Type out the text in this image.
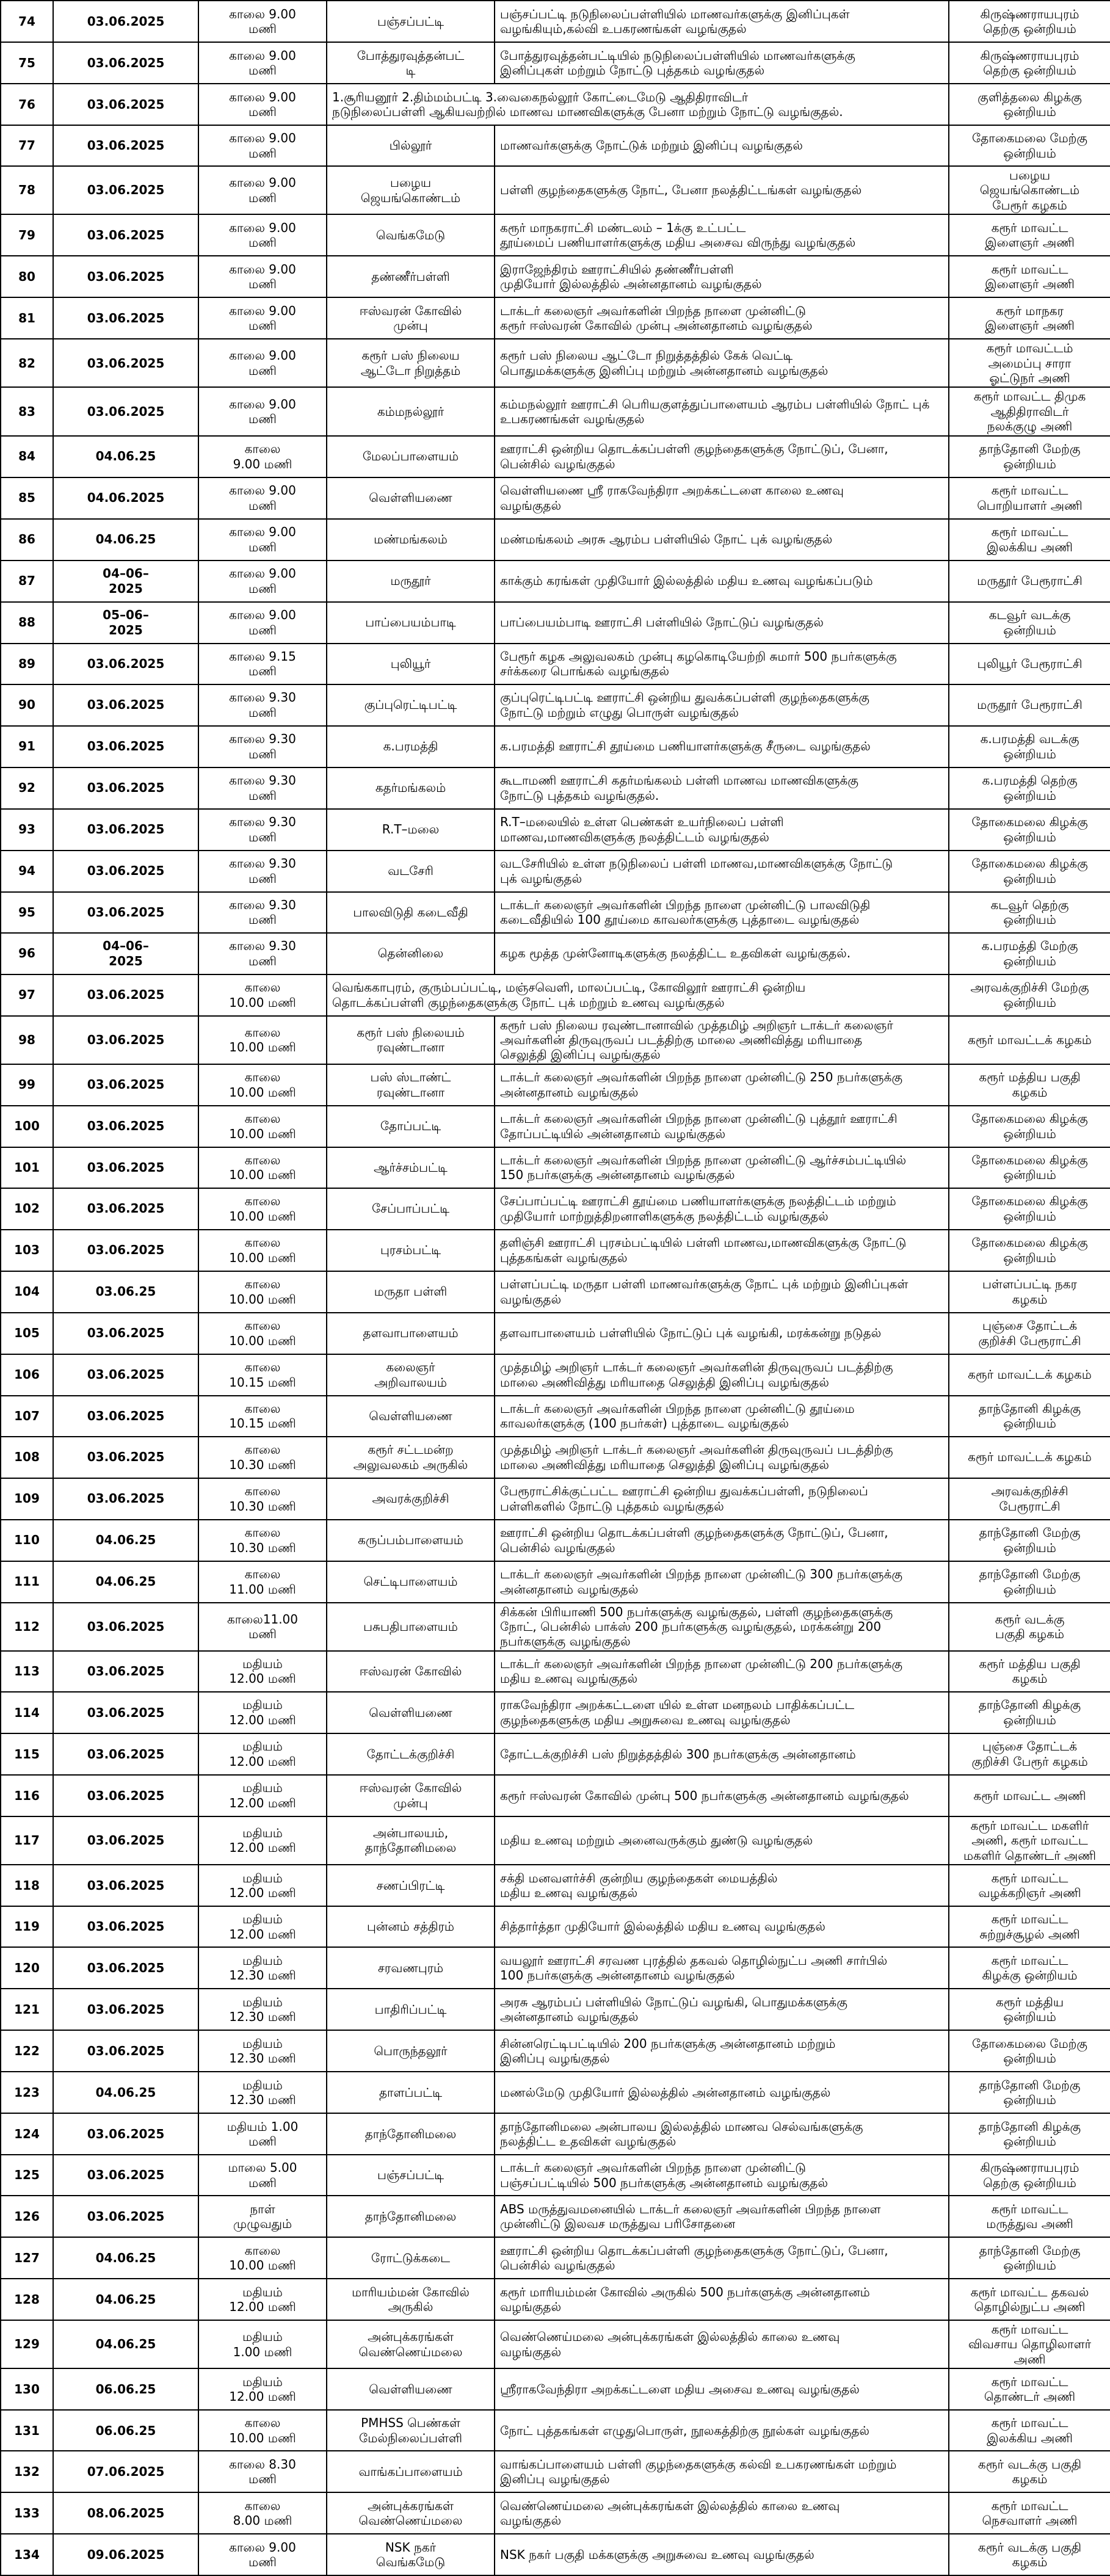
74	03.06.2025	காலை 9.00
மணி	பஞ்சப்பட்டி	பஞ்சப்பட்டி நடுநிலைப்பள்ளியில் மாணவர்களுக்கு இனிப்புகள்
வழங்கியும்,கல்வி உபகரணங்கள் வழங்குதல்	கிருஷ்ணராயபுரம்
தெற்கு ஒன்றியம்
75	03.06.2025	காலை 9.00
மணி	போத்துரவுத்தன்பட்
டி	போத்துரவுத்தன்பட்டியில் நடுநிலைப்பள்ளியில் மாணவர்களுக்கு
இனிப்புகள் மற்றும் நோட்டு புத்தகம் வழங்குதல்	கிருஷ்ணராயபுரம்
தெற்கு ஒன்றியம்
76	03.06.2025	காலை 9.00
மணி	1.சூரியனூர் 2.திம்மம்பட்டி 3.வைகைநல்லூர் கோட்டைமேடு ஆதிதிராவிடர்
நடுநிலைப்பள்ளி ஆகியவற்றில் மாணவ மாணவிகளுக்கு பேனா மற்றும் நோட்டு வழங்குதல்.		குளித்தலை கிழக்கு
ஒன்றியம்
77	03.06.2025	காலை 9.00
மணி	பில்லூர்	மாணவர்களுக்கு நோட்டுக் மற்றும் இனிப்பு வழங்குதல்	தோகைமலை மேற்கு
ஒன்றியம்
78	03.06.2025	காலை 9.00
மணி	பழைய
ஜெயங்கொண்டம்	பள்ளி குழந்தைகளுக்கு நோட், பேனா நலத்திட்டங்கள் வழங்குதல்	பழைய
ஜெயங்கொண்டம்
பேரூர் கழகம்
79	03.06.2025	காலை 9.00
மணி	வெங்கமேடு	கரூர் மாநகராட்சி மண்டலம் – 1க்கு உட்பட்ட
தூய்மைப் பணியாளர்களுக்கு மதிய அசைவ விருந்து வழங்குதல்	கரூர் மாவட்ட
இளைஞர் அணி
80	03.06.2025	காலை 9.00
மணி	தண்ணீர்பள்ளி	இராஜேந்திரம் ஊராட்சியில் தண்ணீர்பள்ளி
முதியோர் இல்லத்தில் அன்னதானம் வழங்குதல்	கரூர் மாவட்ட
இளைஞர் அணி
81	03.06.2025	காலை 9.00
மணி	ஈஸ்வரன் கோவில்
முன்பு	டாக்டர் கலைஞர் அவர்களின் பிறந்த நாளை முன்னிட்டு
கரூர் ஈஸ்வரன் கோவில் முன்பு அன்னதானம் வழங்குதல்	கரூர் மாநகர
இளைஞர் அணி
82	03.06.2025	காலை 9.00
மணி	கரூர் பஸ் நிலைய
ஆட்டோ நிறுத்தம்	கரூர் பஸ் நிலைய ஆட்டோ நிறுத்தத்தில் கேக் வெட்டி
பொதுமக்களுக்கு இனிப்பு மற்றும் அன்னதானம் வழங்குதல்	கரூர் மாவட்டம்
அமைப்பு சாரா
ஓட்டுநர் அணி
83	03.06.2025	காலை 9.00
மணி	கம்மநல்லூர்	கம்மநல்லூர் ஊராட்சி பெரியகுளத்துப்பாளையம் ஆரம்ப பள்ளியில் நோட் புக்
உபகரணங்கள் வழங்குதல்	கரூர் மாவட்ட திமுக
ஆதிதிராவிடர்
நலக்குழு அணி
84	04.06.25	காலை
9.00 மணி	மேலப்பாளையம்	ஊராட்சி ஒன்றிய தொடக்கப்பள்ளி குழந்தைகளுக்கு நோட்டுப், பேனா,
பென்சில் வழங்குதல்	தாந்தோனி மேற்கு
ஒன்றியம்
85	04.06.2025	காலை 9.00
மணி	வெள்ளியணை	வெள்ளியணை ஸ்ரீ ராகவேந்திரா அறக்கட்டளை காலை உணவு
வழங்குதல்	கரூர் மாவட்ட
பொறியாளர் அணி
86	04.06.25	காலை 9.00
மணி	மண்மங்கலம்	மண்மங்கலம் அரசு ஆரம்ப பள்ளியில் நோட் புக் வழங்குதல்	கரூர் மாவட்ட
இலக்கிய அணி
87	04–06–
2025	காலை 9.00
மணி	மருதூர்	காக்கும் கரங்கள் முதியோர் இல்லத்தில் மதிய உணவு வழங்கப்படும்	மருதூர் பேரூராட்சி
88	05–06–
2025	காலை 9.00
மணி	பாப்பையம்பாடி	பாப்பையம்பாடி ஊராட்சி பள்ளியில் நோட்டுப் வழங்குதல்	கடவூர் வடக்கு
ஒன்றியம்
89	03.06.2025	காலை 9.15
மணி	புலியூர்	பேரூர் கழக அலுவலகம் முன்பு கழகொடியேற்றி சுமார் 500 நபர்களுக்கு
சர்க்கரை பொங்கல் வழங்குதல்	புலியூர் பேரூராட்சி
90	03.06.2025	காலை 9.30
மணி	குப்புரெட்டிபட்டி	குப்புரெட்டிபட்டி ஊராட்சி ஒன்றிய துவக்கப்பள்ளி குழந்தைகளுக்கு
நோட்டு மற்றும் எழுது பொருள் வழங்குதல்	மருதூர் பேரூராட்சி
91	03.06.2025	காலை 9.30
மணி	க.பரமத்தி	க.பரமத்தி ஊராட்சி தூய்மை பணியாளர்களுக்கு சீருடை வழங்குதல்	க.பரமத்தி வடக்கு
ஒன்றியம்
92	03.06.2025	காலை 9.30
மணி	கதர்மங்கலம்	கூடாமணி ஊராட்சி கதர்மங்கலம் பள்ளி மாணவ மாணவிகளுக்கு
நோட்டு புத்தகம் வழங்குதல்.	க.பரமத்தி தெற்கு
ஒன்றியம்
93	03.06.2025	காலை 9.30
மணி	R.T–மலை	R.T–மலையில் உள்ள பெண்கள் உயர்நிலைப் பள்ளி
மாணவ,மாணவிகளுக்கு நலத்திட்டம் வழங்குதல்	தோகைமலை கிழக்கு
ஒன்றியம்
94	03.06.2025	காலை 9.30
மணி	வடசேரி	வடசேரியில் உள்ள நடுநிலைப் பள்ளி மாணவ,மாணவிகளுக்கு நோட்டு
புக் வழங்குதல்	தோகைமலை கிழக்கு
ஒன்றியம்
95	03.06.2025	காலை 9.30
மணி	பாலவிடுதி கடைவீதி	டாக்டர் கலைஞர் அவர்களின் பிறந்த நாளை முன்னிட்டு பாலவிடுதி
கடைவீதியில் 100 தூய்மை காவலர்களுக்கு புத்தாடை வழங்குதல்	கடவூர் தெற்கு
ஒன்றியம்
96	04–06–
2025	காலை 9.30
மணி	தென்னிலை	கழக மூத்த முன்னோடிகளுக்கு நலத்திட்ட உதவிகள் வழங்குதல்.	க.பரமத்தி மேற்கு
ஒன்றியம்
97	03.06.2025	காலை
10.00 மணி	வெங்ககாபுரம், குரும்பப்பட்டி, மஞ்சவெளி, மாலப்பட்டி, கோவிலூர் ஊராட்சி ஒன்றிய
தொடக்கப்பள்ளி குழந்தைகளுக்கு நோட் புக் மற்றும் உணவு வழங்குதல்		அரவக்குறிச்சி மேற்கு
ஒன்றியம்
98	03.06.2025	காலை
10.00 மணி	கரூர் பஸ் நிலையம்
ரவுண்டானா	கரூர் பஸ் நிலைய ரவுண்டானாவில் முத்தமிழ் அறிஞர் டாக்டர் கலைஞர்
அவர்களின் திருவுருவப் படத்திற்கு மாலை அணிவித்து மரியாதை
செலுத்தி இனிப்பு வழங்குதல்	கரூர் மாவட்டக் கழகம்
99	03.06.2025	காலை
10.00 மணி	பஸ் ஸ்டாண்ட்
ரவுண்டானா	டாக்டர் கலைஞர் அவர்களின் பிறந்த நாளை முன்னிட்டு 250 நபர்களுக்கு
அன்னதானம் வழங்குதல்	கரூர் மத்திய பகுதி
கழகம்
100	03.06.2025	காலை
10.00 மணி	தோப்பட்டி	டாக்டர் கலைஞர் அவர்களின் பிறந்த நாளை முன்னிட்டு புத்தூர் ஊராட்சி
தோப்பட்டியில் அன்னதானம் வழங்குதல்	தோகைமலை கிழக்கு
ஒன்றியம்
101	03.06.2025	காலை
10.00 மணி	ஆர்ச்சம்பட்டி	டாக்டர் கலைஞர் அவர்களின் பிறந்த நாளை முன்னிட்டு ஆர்ச்சம்பட்டியில்
150 நபர்களுக்கு அன்னதானம் வழங்குதல்	தோகைமலை கிழக்கு
ஒன்றியம்
102	03.06.2025	காலை
10.00 மணி	சேப்பாப்பட்டி	சேப்பாப்பட்டி ஊராட்சி தூய்மை பணியாளர்களுக்கு நலத்திட்டம் மற்றும்
முதியோர் மாற்றுத்திறனாளிகளுக்கு நலத்திட்டம் வழங்குதல்	தோகைமலை கிழக்கு
ஒன்றியம்
103	03.06.2025	காலை
10.00 மணி	புரசம்பட்டி	தளிஞ்சி ஊராட்சி புரசம்பட்டியில் பள்ளி மாணவ,மாணவிகளுக்கு நோட்டு
புத்தகங்கள் வழங்குதல்	தோகைமலை கிழக்கு
ஒன்றியம்
104	03.06.25	காலை
10.00 மணி	மருதா பள்ளி	பள்ளப்பட்டி மருதா பள்ளி மாணவர்களுக்கு நோட் புக் மற்றும் இனிப்புகள்
வழங்குதல்	பள்ளப்பட்டி நகர
கழகம்
105	03.06.2025	காலை
10.00 மணி	தளவாபாளையம்	தளவாபாளையம் பள்ளியில் நோட்டுப் புக் வழங்கி, மரக்கன்று நடுதல்	புஞ்சை தோட்டக்
குறிச்சி பேரூராட்சி
106	03.06.2025	காலை
10.15 மணி	கலைஞர்
அறிவாலயம்	முத்தமிழ் அறிஞர் டாக்டர் கலைஞர் அவர்களின் திருவுருவப் படத்திற்கு
மாலை அணிவித்து மரியாதை செலுத்தி இனிப்பு வழங்குதல்	கரூர் மாவட்டக் கழகம்
107	03.06.2025	காலை
10.15 மணி	வெள்ளியணை	டாக்டர் கலைஞர் அவர்களின் பிறந்த நாளை முன்னிட்டு தூய்மை
காவலர்களுக்கு (100 நபர்கள்) புத்தாடை வழங்குதல்	தாந்தோனி கிழக்கு
ஒன்றியம்
108	03.06.2025	காலை
10.30 மணி	கரூர் சட்டமன்ற
அலுவலகம் அருகில்	முத்தமிழ் அறிஞர் டாக்டர் கலைஞர் அவர்களின் திருவுருவப் படத்திற்கு
மாலை அணிவித்து மரியாதை செலுத்தி இனிப்பு வழங்குதல்	கரூர் மாவட்டக் கழகம்
109	03.06.2025	காலை
10.30 மணி	அவரக்குறிச்சி	பேரூராட்சிக்குட்பட்ட ஊராட்சி ஒன்றிய துவக்கப்பள்ளி, நடுநிலைப்
பள்ளிகளில் நோட்டு புத்தகம் வழங்குதல்	அரவக்குறிச்சி
பேரூராட்சி
110	04.06.25	காலை
10.30 மணி	கருப்பம்பாளையம்	ஊராட்சி ஒன்றிய தொடக்கப்பள்ளி குழந்தைகளுக்கு நோட்டுப், பேனா,
பென்சில் வழங்குதல்	தாந்தோனி மேற்கு
ஒன்றியம்
111	04.06.25	காலை
11.00 மணி	செட்டிபாளையம்	டாக்டர் கலைஞர் அவர்களின் பிறந்த நாளை முன்னிட்டு 300 நபர்களுக்கு
அன்னதானம் வழங்குதல்	தாந்தோனி மேற்கு
ஒன்றியம்
112	03.06.2025	காலை11.00
மணி	பசுபதிபாளையம்	சிக்கன் பிரியாணி 500 நபர்களுக்கு வழங்குதல், பள்ளி குழந்தைகளுக்கு
நோட், பென்சில் பாக்ஸ் 200 நபர்களுக்கு வழங்குதல், மரக்கன்று 200
நபர்களுக்கு வழங்குதல்	கரூர் வடக்கு
பகுதி கழகம்
113	03.06.2025	மதியம்
12.00 மணி	ஈஸ்வரன் கோவில்	டாக்டர் கலைஞர் அவர்களின் பிறந்த நாளை முன்னிட்டு 200 நபர்களுக்கு
மதிய உணவு வழங்குதல்	கரூர் மத்திய பகுதி
கழகம்
114	03.06.2025	மதியம்
12.00 மணி	வெள்ளியணை	ராகவேந்திரா அறக்கட்டளை யில் உள்ள மனநலம் பாதிக்கப்பட்ட
குழந்தைகளுக்கு மதிய அறுசுவை உணவு வழங்குதல்	தாந்தோனி கிழக்கு
ஒன்றியம்
115	03.06.2025	மதியம்
12.00 மணி	தோட்டக்குறிச்சி	தோட்டக்குறிச்சி பஸ் நிறுத்தத்தில் 300 நபர்களுக்கு அன்னதானம்	புஞ்சை தோட்டக்
குறிச்சி பேரூர் கழகம்
116	03.06.2025	மதியம்
12.00 மணி	ஈஸ்வரன் கோவில்
முன்பு	கரூர் ஈஸ்வரன் கோவில் முன்பு 500 நபர்களுக்கு அன்னதானம் வழங்குதல்	கரூர் மாவட்ட அணி
117	03.06.2025	மதியம்
12.00 மணி	அன்பாலயம்,
தாந்தோனிமலை	மதிய உணவு மற்றும் அனைவருக்கும் துண்டு வழங்குதல்	கரூர் மாவட்ட மகளிர்
அணி, கரூர் மாவட்ட
மகளிர் தொண்டர் அணி
118	03.06.2025	மதியம்
12.00 மணி	சணப்பிரட்டி	சக்தி மனவளர்ச்சி குன்றிய குழந்தைகள் மையத்தில்
மதிய உணவு வழங்குதல்	கரூர் மாவட்ட
வழக்கறிஞர் அணி
119	03.06.2025	மதியம்
12.00 மணி	புன்னம் சத்திரம்	சித்தார்த்தா முதியோர் இல்லத்தில் மதிய உணவு வழங்குதல்	கரூர் மாவட்ட
சுற்றுச்சூழல் அணி
120	03.06.2025	மதியம்
12.30 மணி	சரவணபுரம்	வயலூர் ஊராட்சி சரவண புரத்தில் தகவல் தொழில்நுட்ப அணி சார்பில்
100 நபர்களுக்கு அன்னதானம் வழங்குதல்	கரூர் மாவட்ட
கிழக்கு ஒன்றியம்
121	03.06.2025	மதியம்
12.30 மணி	பாதிரிப்பட்டி	அரசு ஆரம்பப் பள்ளியில் நோட்டுப் வழங்கி, பொதுமக்களுக்கு
அன்னதானம் வழங்குதல்	கரூர் மத்திய
ஒன்றியம்
122	03.06.2025	மதியம்
12.30 மணி	பொருந்தலூர்	சின்னரெட்டிபட்டியில் 200 நபர்களுக்கு அன்னதானம் மற்றும்
இனிப்பு வழங்குதல்	தோகைமலை மேற்கு
ஒன்றியம்
123	04.06.25	மதியம்
12.30 மணி	தாளப்பட்டி	மணல்மேடு முதியோர் இல்லத்தில் அன்னதானம் வழங்குதல்	தாந்தோனி மேற்கு
ஒன்றியம்
124	03.06.2025	மதியம் 1.00
மணி	தாந்தோனிமலை	தாந்தோனிமலை அன்பாலய இல்லத்தில் மாணவ செல்வங்களுக்கு
நலத்திட்ட உதவிகள் வழங்குதல்	தாந்தோனி கிழக்கு
ஒன்றியம்
125	03.06.2025	மாலை 5.00
மணி	பஞ்சப்பட்டி	டாக்டர் கலைஞர் அவர்களின் பிறந்த நாளை முன்னிட்டு
பஞ்சப்பட்டியில் 500 நபர்களுக்கு அன்னதானம் வழங்குதல்	கிருஷ்ணராயபுரம்
தெற்கு ஒன்றியம்
126	03.06.2025	நாள்
முழுவதும்	தாந்தோனிமலை	ABS மருத்துவமனையில் டாக்டர் கலைஞர் அவர்களின் பிறந்த நாளை
முன்னிட்டு இலவச மருத்துவ பரிசோதனை	கரூர் மாவட்ட
மருத்துவ அணி
127	04.06.25	காலை
10.00 மணி	ரோட்டுக்கடை	ஊராட்சி ஒன்றிய தொடக்கப்பள்ளி குழந்தைகளுக்கு நோட்டுப், பேனா,
பென்சில் வழங்குதல்	தாந்தோனி மேற்கு
ஒன்றியம்
128	04.06.25	மதியம்
12.00 மணி	மாரியம்மன் கோவில்
அருகில்	கரூர் மாரியம்மன் கோவில் அருகில் 500 நபர்களுக்கு அன்னதானம்
வழங்குதல்	கரூர் மாவட்ட தகவல்
தொழில்நுட்ப அணி
129	04.06.25	மதியம்
1.00 மணி	அன்புக்கரங்கள்
வெண்ணெய்மலை	வெண்ணெய்மலை அன்புக்கரங்கள் இல்லத்தில் காலை உணவு
வழங்குதல்	கரூர் மாவட்ட
விவசாய தொழிலாளர்
அணி
130	06.06.25	மதியம்
12.00 மணி	வெள்ளியணை	ஸ்ரீராகவேந்திரா அறக்கட்டளை மதிய அசைவ உணவு வழங்குதல்	கரூர் மாவட்ட
தொண்டர் அணி
131	06.06.25	காலை
10.00 மணி	PMHSS பெண்கள்
மேல்நிலைப்பள்ளி	நோட் புத்தகங்கள் எழுதுபொருள், நூலகத்திற்கு நூல்கள் வழங்குதல்	கரூர் மாவட்ட
இலக்கிய அணி
132	07.06.2025	காலை 8.30
மணி	வாங்கப்பாளையம்	வாங்கப்பாளையம் பள்ளி குழந்தைகளுக்கு கல்வி உபகரணங்கள் மற்றும்
இனிப்பு வழங்குதல்	கரூர் வடக்கு பகுதி
கழகம்
133	08.06.2025	காலை
8.00 மணி	அன்புக்கரங்கள்
வெண்ணெய்மலை	வெண்ணெய்மலை அன்புக்கரங்கள் இல்லத்தில் காலை உணவு
வழங்குதல்	கரூர் மாவட்ட
நெசவாளர் அணி
134	09.06.2025	காலை 9.00
மணி	NSK நகர்
வெங்கமேடு	NSK நகர் பகுதி மக்களுக்கு அறுசுவை உணவு வழங்குதல்	கரூர் வடக்கு பகுதி
கழகம்
